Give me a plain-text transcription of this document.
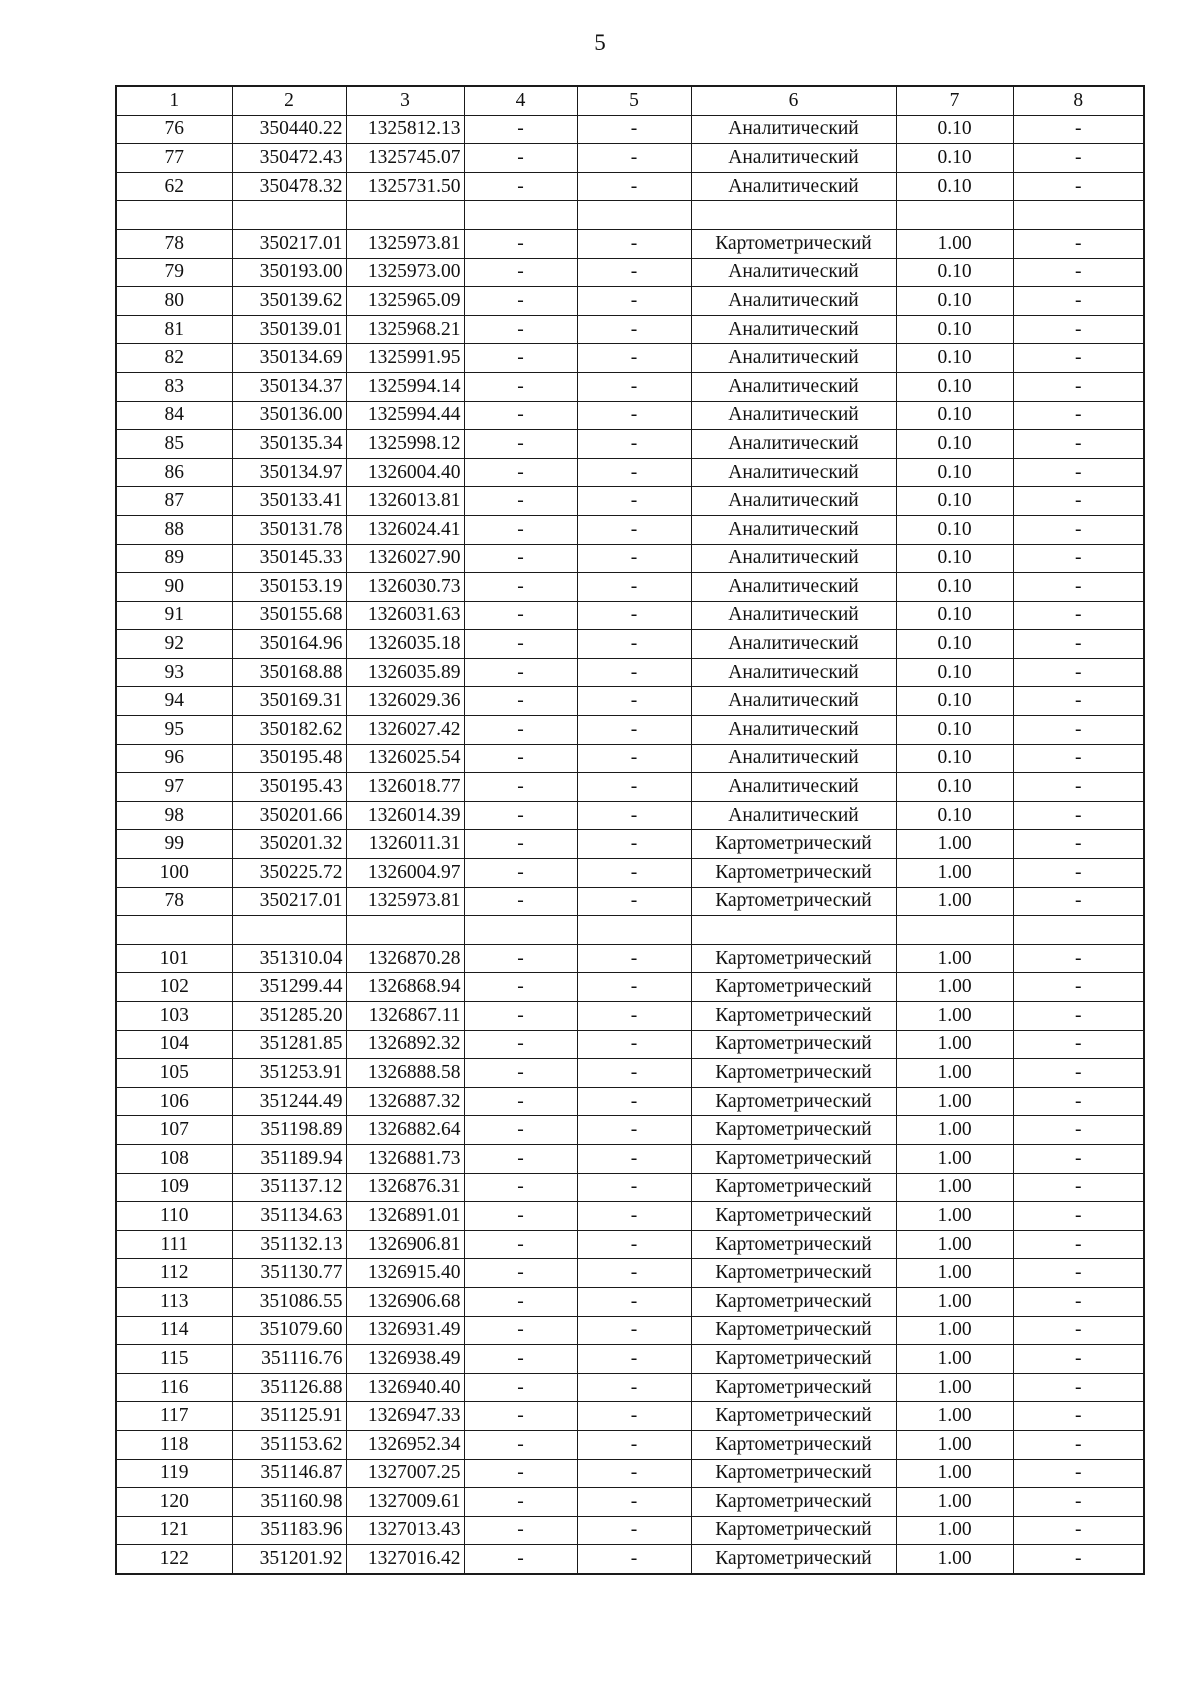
5
1	2	3	4	5	6	7	8
76	350440.22	1325812.13	-	-	Аналитический	0.10	-
77	350472.43	1325745.07	-	-	Аналитический	0.10	-
62	350478.32	1325731.50	-	-	Аналитический	0.10	-

78	350217.01	1325973.81	-	-	Картометрический	1.00	-
79	350193.00	1325973.00	-	-	Аналитический	0.10	-
80	350139.62	1325965.09	-	-	Аналитический	0.10	-
81	350139.01	1325968.21	-	-	Аналитический	0.10	-
82	350134.69	1325991.95	-	-	Аналитический	0.10	-
83	350134.37	1325994.14	-	-	Аналитический	0.10	-
84	350136.00	1325994.44	-	-	Аналитический	0.10	-
85	350135.34	1325998.12	-	-	Аналитический	0.10	-
86	350134.97	1326004.40	-	-	Аналитический	0.10	-
87	350133.41	1326013.81	-	-	Аналитический	0.10	-
88	350131.78	1326024.41	-	-	Аналитический	0.10	-
89	350145.33	1326027.90	-	-	Аналитический	0.10	-
90	350153.19	1326030.73	-	-	Аналитический	0.10	-
91	350155.68	1326031.63	-	-	Аналитический	0.10	-
92	350164.96	1326035.18	-	-	Аналитический	0.10	-
93	350168.88	1326035.89	-	-	Аналитический	0.10	-
94	350169.31	1326029.36	-	-	Аналитический	0.10	-
95	350182.62	1326027.42	-	-	Аналитический	0.10	-
96	350195.48	1326025.54	-	-	Аналитический	0.10	-
97	350195.43	1326018.77	-	-	Аналитический	0.10	-
98	350201.66	1326014.39	-	-	Аналитический	0.10	-
99	350201.32	1326011.31	-	-	Картометрический	1.00	-
100	350225.72	1326004.97	-	-	Картометрический	1.00	-
78	350217.01	1325973.81	-	-	Картометрический	1.00	-

101	351310.04	1326870.28	-	-	Картометрический	1.00	-
102	351299.44	1326868.94	-	-	Картометрический	1.00	-
103	351285.20	1326867.11	-	-	Картометрический	1.00	-
104	351281.85	1326892.32	-	-	Картометрический	1.00	-
105	351253.91	1326888.58	-	-	Картометрический	1.00	-
106	351244.49	1326887.32	-	-	Картометрический	1.00	-
107	351198.89	1326882.64	-	-	Картометрический	1.00	-
108	351189.94	1326881.73	-	-	Картометрический	1.00	-
109	351137.12	1326876.31	-	-	Картометрический	1.00	-
110	351134.63	1326891.01	-	-	Картометрический	1.00	-
111	351132.13	1326906.81	-	-	Картометрический	1.00	-
112	351130.77	1326915.40	-	-	Картометрический	1.00	-
113	351086.55	1326906.68	-	-	Картометрический	1.00	-
114	351079.60	1326931.49	-	-	Картометрический	1.00	-
115	351116.76	1326938.49	-	-	Картометрический	1.00	-
116	351126.88	1326940.40	-	-	Картометрический	1.00	-
117	351125.91	1326947.33	-	-	Картометрический	1.00	-
118	351153.62	1326952.34	-	-	Картометрический	1.00	-
119	351146.87	1327007.25	-	-	Картометрический	1.00	-
120	351160.98	1327009.61	-	-	Картометрический	1.00	-
121	351183.96	1327013.43	-	-	Картометрический	1.00	-
122	351201.92	1327016.42	-	-	Картометрический	1.00	-
